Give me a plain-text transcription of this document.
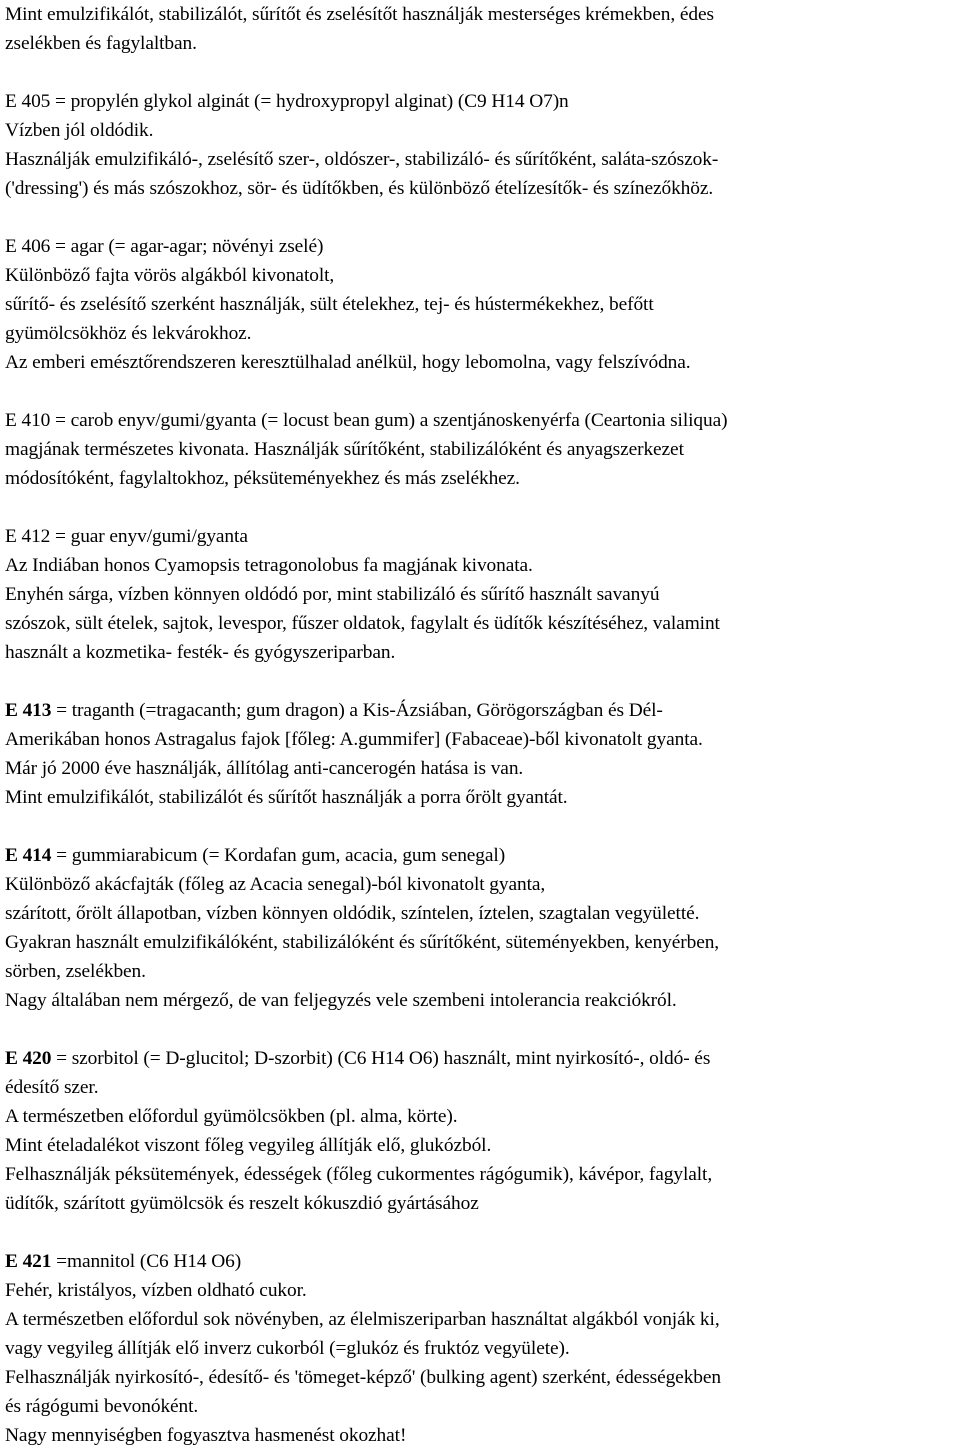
Mint emulzifikálót, stabilizálót, sűrítőt és zselésítőt használják mesterséges krémekben, édes
zselékben és fagylaltban.
E 405 = propylén glykol alginát (= hydroxypropyl alginat) (C9 H14 O7)n
Vízben jól oldódik.
Használják emulzifikáló-, zselésítő szer-, oldószer-, stabilizáló- és sűrítőként, saláta-szószok-
('dressing') és más szószokhoz, sör- és üdítőkben, és különböző ételízesítők- és színezőkhöz.
E 406 = agar (= agar-agar; növényi zselé)
Különböző fajta vörös algákból kivonatolt,
sűrítő- és zselésítő szerként használják, sült ételekhez, tej- és hústermékekhez, befőtt
gyümölcsökhöz és lekvárokhoz.
Az emberi emésztőrendszeren keresztülhalad anélkül, hogy lebomolna, vagy felszívódna.
E 410 = carob enyv/gumi/gyanta (= locust bean gum) a szentjánoskenyérfa (Ceartonia siliqua)
magjának természetes kivonata. Használják sűrítőként, stabilizálóként és anyagszerkezet
módosítóként, fagylaltokhoz, péksüteményekhez és más zselékhez.
E 412 = guar enyv/gumi/gyanta
Az Indiában honos Cyamopsis tetragonolobus fa magjának kivonata.
Enyhén sárga, vízben könnyen oldódó por, mint stabilizáló és sűrítő használt savanyú
szószok, sült ételek, sajtok, levespor, fűszer oldatok, fagylalt és üdítők készítéséhez, valamint
használt a kozmetika- festék- és gyógyszeriparban.
E 413 = traganth (=tragacanth; gum dragon) a Kis-Ázsiában, Görögországban és Dél-
Amerikában honos Astragalus fajok [főleg: A.gummifer] (Fabaceae)-ből kivonatolt gyanta.
Már jó 2000 éve használják, állítólag anti-cancerogén hatása is van.
Mint emulzifikálót, stabilizálót és sűrítőt használják a porra őrölt gyantát.
E 414 = gummiarabicum (= Kordafan gum, acacia, gum senegal)
Különböző akácfajták (főleg az Acacia senegal)-ból kivonatolt gyanta,
szárított, őrölt állapotban, vízben könnyen oldódik, színtelen, íztelen, szagtalan vegyületté.
Gyakran használt emulzifikálóként, stabilizálóként és sűrítőként, süteményekben, kenyérben,
sörben, zselékben.
Nagy általában nem mérgező, de van feljegyzés vele szembeni intolerancia reakciókról.
E 420 = szorbitol (= D-glucitol; D-szorbit) (C6 H14 O6) használt, mint nyirkosító-, oldó- és
édesítő szer.
A természetben előfordul gyümölcsökben (pl. alma, körte).
Mint ételadalékot viszont főleg vegyileg állítják elő, glukózból.
Felhasználják péksütemények, édességek (főleg cukormentes rágógumik), kávépor, fagylalt,
üdítők, szárított gyümölcsök és reszelt kókuszdió gyártásához
E 421 =mannitol (C6 H14 O6)
Fehér, kristályos, vízben oldható cukor.
A természetben előfordul sok növényben, az élelmiszeriparban használtat algákból vonják ki,
vagy vegyileg állítják elő inverz cukorból (=glukóz és fruktóz vegyülete).
Felhasználják nyirkosító-, édesítő- és 'tömeget-képző' (bulking agent) szerként, édességekben
és rágógumi bevonóként.
Nagy mennyiségben fogyasztva hasmenést okozhat!
